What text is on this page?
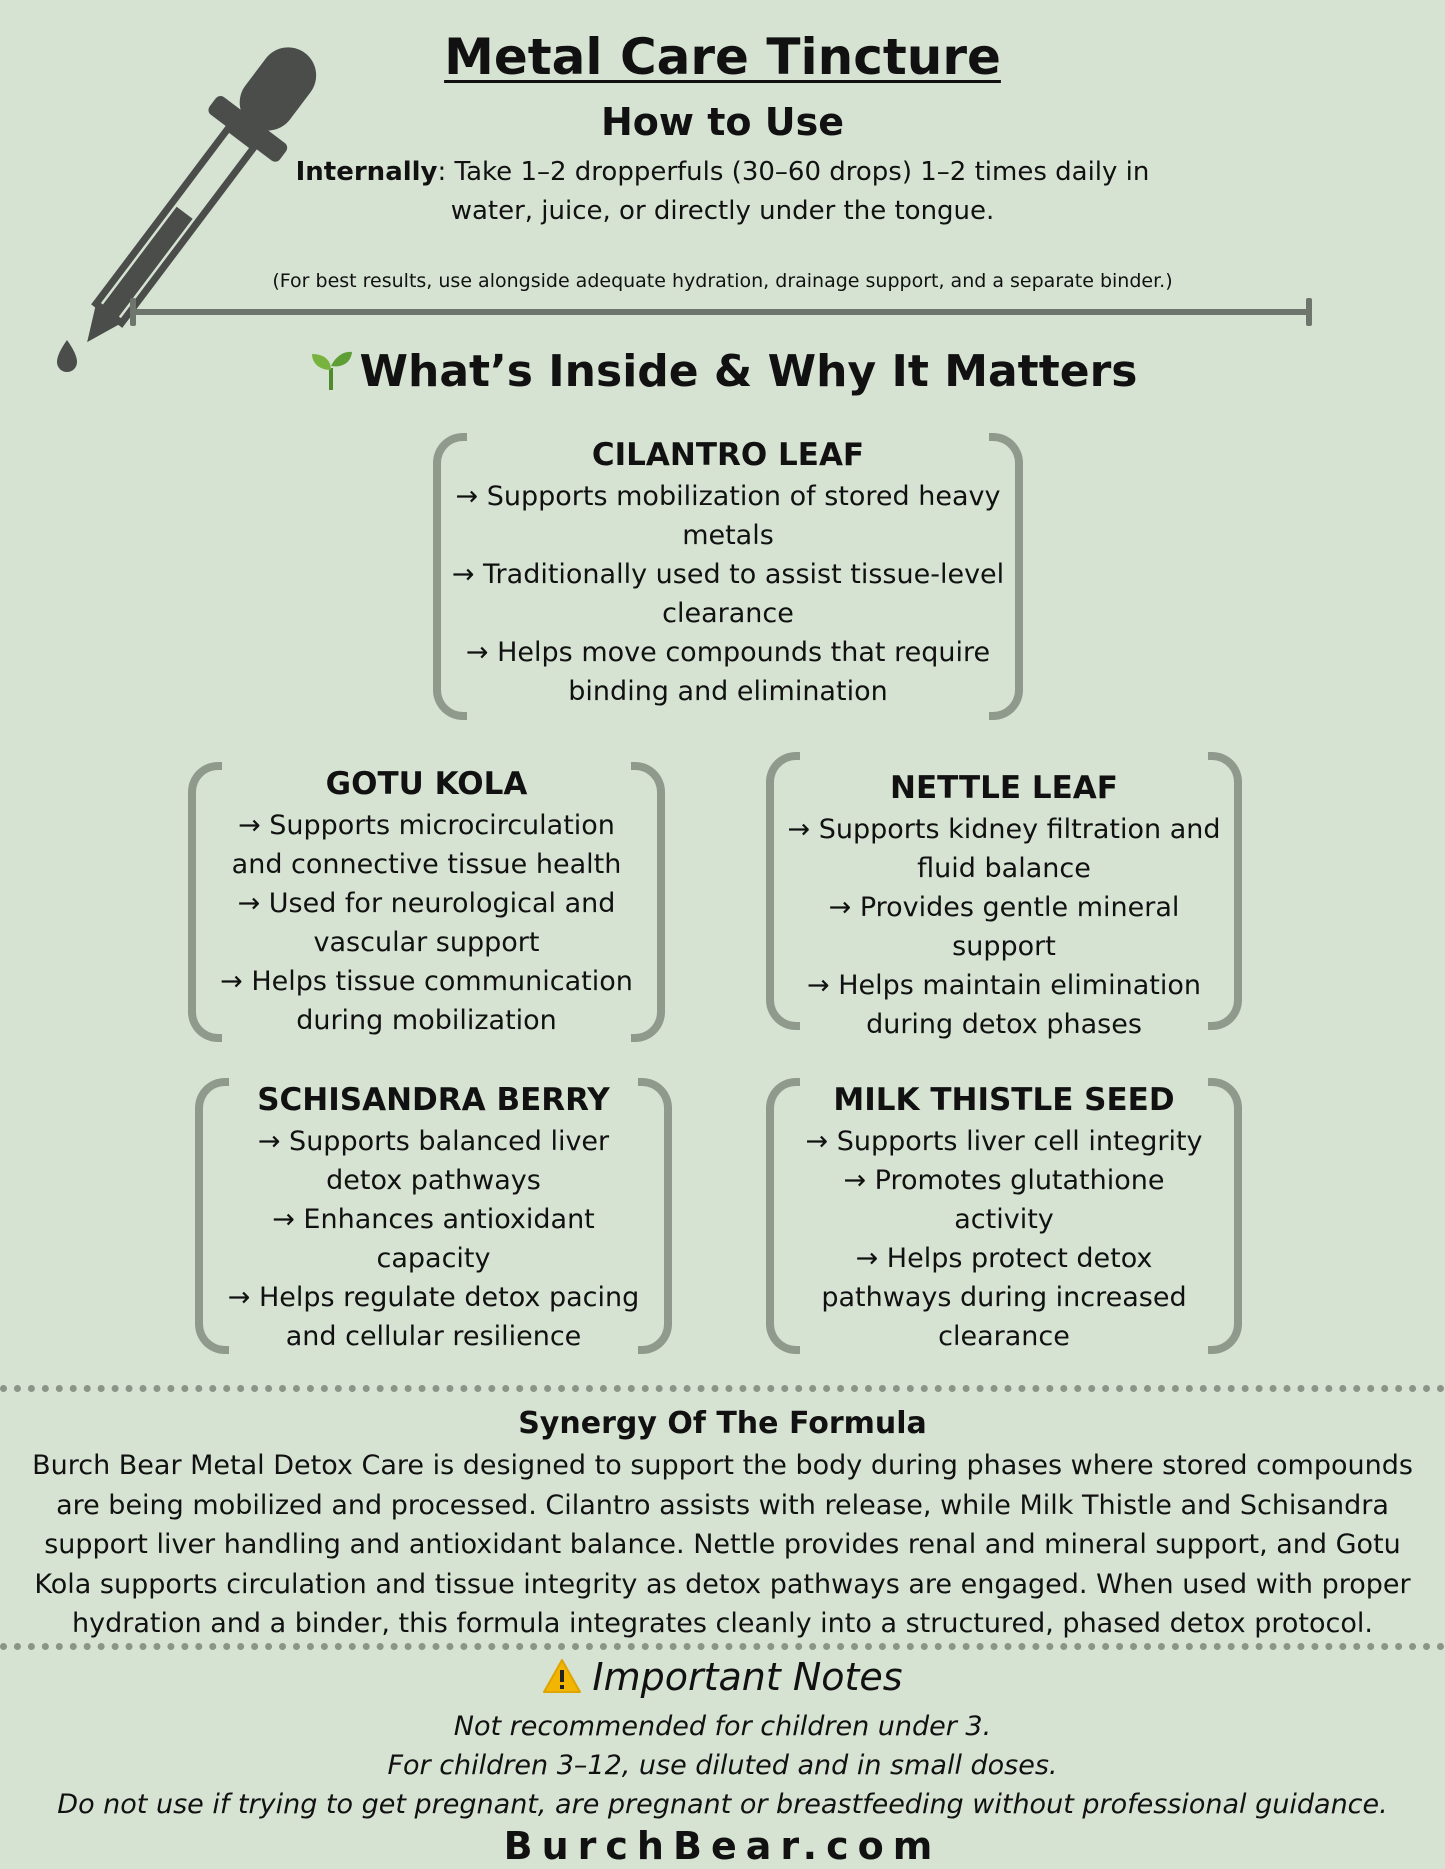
Metal Care Tincture
How to Use
Internally: Take 1–2 dropperfuls (30–60 drops) 1–2 times daily in water, juice, or directly under the tongue.
(For best results, use alongside adequate hydration, drainage support, and a separate binder.)
What’s Inside & Why It Matters
CILANTRO LEAF
→ Supports mobilization of stored heavy
metals
→ Traditionally used to assist tissue-level
clearance
→ Helps move compounds that require
binding and elimination
GOTU KOLA
→ Supports microcirculation
and connective tissue health
→ Used for neurological and
vascular support
→ Helps tissue communication
during mobilization
NETTLE LEAF
→ Supports kidney filtration and
fluid balance
→ Provides gentle mineral
support
→ Helps maintain elimination
during detox phases
SCHISANDRA BERRY
→ Supports balanced liver
detox pathways
→ Enhances antioxidant
capacity
→ Helps regulate detox pacing
and cellular resilience
MILK THISTLE SEED
→ Supports liver cell integrity
→ Promotes glutathione
activity
→ Helps protect detox
pathways during increased
clearance
Synergy Of The Formula
Burch Bear Metal Detox Care is designed to support the body during phases where stored compounds are being mobilized and processed. Cilantro assists with release, while Milk Thistle and Schisandra support liver handling and antioxidant balance. Nettle provides renal and mineral support, and Gotu Kola supports circulation and tissue integrity as detox pathways are engaged. When used with proper hydration and a binder, this formula integrates cleanly into a structured, phased detox protocol.
Important Notes
Not recommended for children under 3.
For children 3–12, use diluted and in small doses.
Do not use if trying to get pregnant, are pregnant or breastfeeding without professional guidance.
BurchBear.com
